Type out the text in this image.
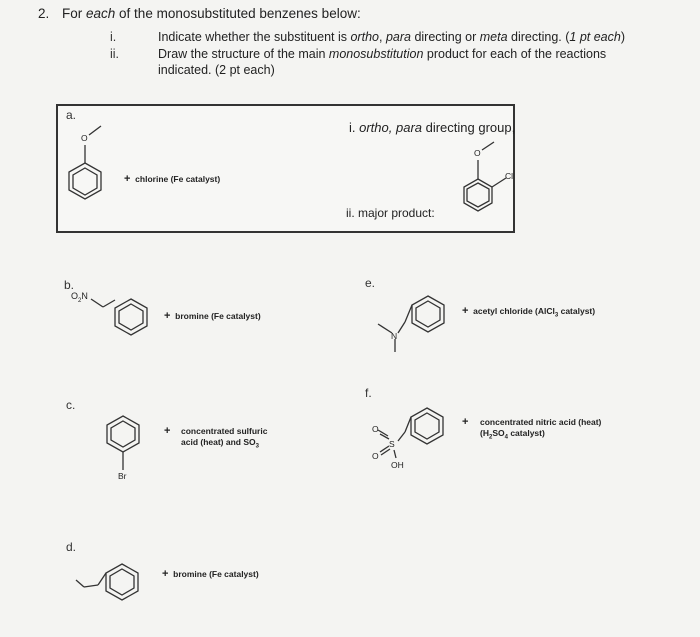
2. For each of the monosubstituted benzenes below:
i.	Indicate whether the substituent is ortho, para directing or meta directing. (1 pt each)
ii.	Draw the structure of the main monosubstitution product for each of the reactions
indicated. (2 pt each)
a.
+ chlorine (Fe catalyst)
i. ortho, para directing group,
ii. major product:
b.
$O_2N$
+ bromine (Fe catalyst)
c.
+ concentrated sulfuric
acid (heat) and $SO_3$
d.
+ bromine (Fe catalyst)
e.
+  acetyl chloride (AlCl$_3$ catalyst)
f.
+ concentrated nitric acid (heat)
($H_2SO_4$ catalyst)
O
O
Cl
Br
N
S
O
O
OH
